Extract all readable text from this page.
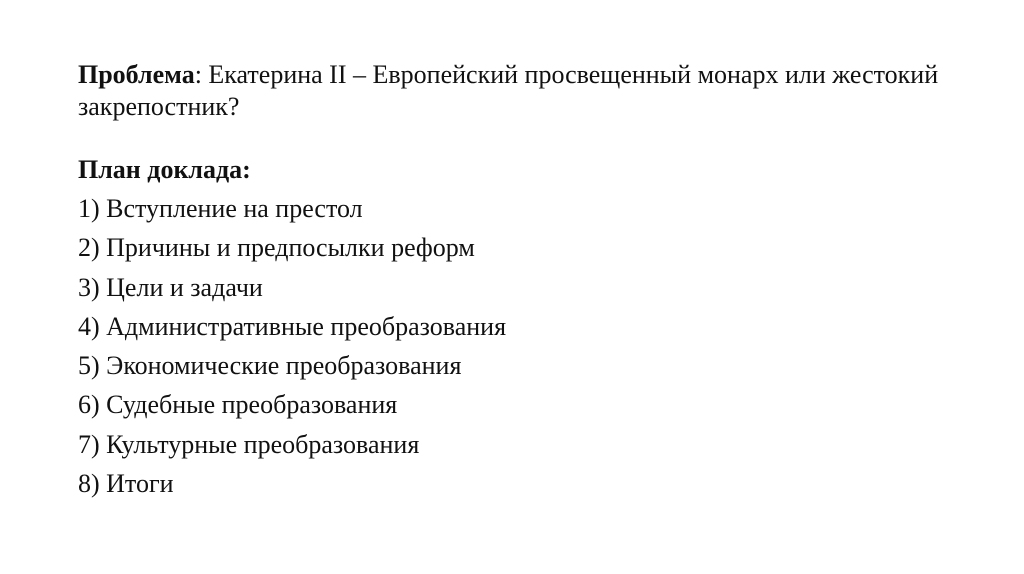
Проблема: Екатерина II – Европейский просвещенный монарх или жестокий закрепостник?
План доклада:
1) Вступление на престол
2) Причины и предпосылки реформ
3) Цели и задачи
4) Административные преобразования
5) Экономические преобразования
6) Судебные преобразования
7) Культурные преобразования
8) Итоги
